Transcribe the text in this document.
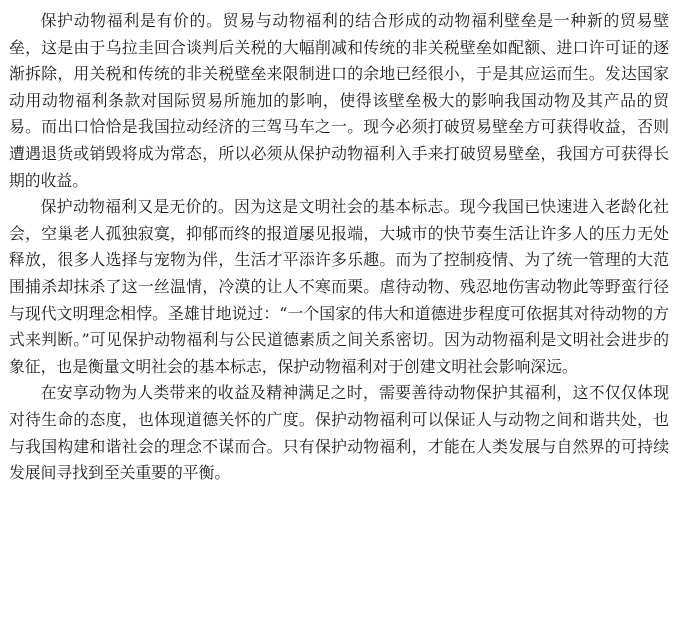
保护动物福利是有价的。贸易与动物福利的结合形成的动物福利壁垒是一种新的贸易壁垒，这是由于乌拉圭回合谈判后关税的大幅削减和传统的非关税壁垒如配额、进口许可证的逐渐拆除，用关税和传统的非关税壁垒来限制进口的余地已经很小，于是其应运而生。发达国家动用动物福利条款对国际贸易所施加的影响，使得该壁垒极大的影响我国动物及其产品的贸易。而出口恰恰是我国拉动经济的三驾马车之一。现今必须打破贸易壁垒方可获得收益，否则遭遇退货或销毁将成为常态，所以必须从保护动物福利入手来打破贸易壁垒，我国方可获得长期的收益。

保护动物福利又是无价的。因为这是文明社会的基本标志。现今我国已快速进入老龄化社会，空巢老人孤独寂寞，抑郁而终的报道屡见报端，大城市的快节奏生活让许多人的压力无处释放，很多人选择与宠物为伴，生活才平添许多乐趣。而为了控制疫情、为了统一管理的大范围捕杀却抹杀了这一丝温情，冷漠的让人不寒而栗。虐待动物、残忍地伤害动物此等野蛮行径与现代文明理念相悖。圣雄甘地说过：“一个国家的伟大和道德进步程度可依据其对待动物的方式来判断。”可见保护动物福利与公民道德素质之间关系密切。因为动物福利是文明社会进步的象征，也是衡量文明社会的基本标志，保护动物福利对于创建文明社会影响深远。

在安享动物为人类带来的收益及精神满足之时，需要善待动物保护其福利，这不仅仅体现对待生命的态度，也体现道德关怀的广度。保护动物福利可以保证人与动物之间和谐共处，也与我国构建和谐社会的理念不谋而合。只有保护动物福利，才能在人类发展与自然界的可持续发展间寻找到至关重要的平衡。
